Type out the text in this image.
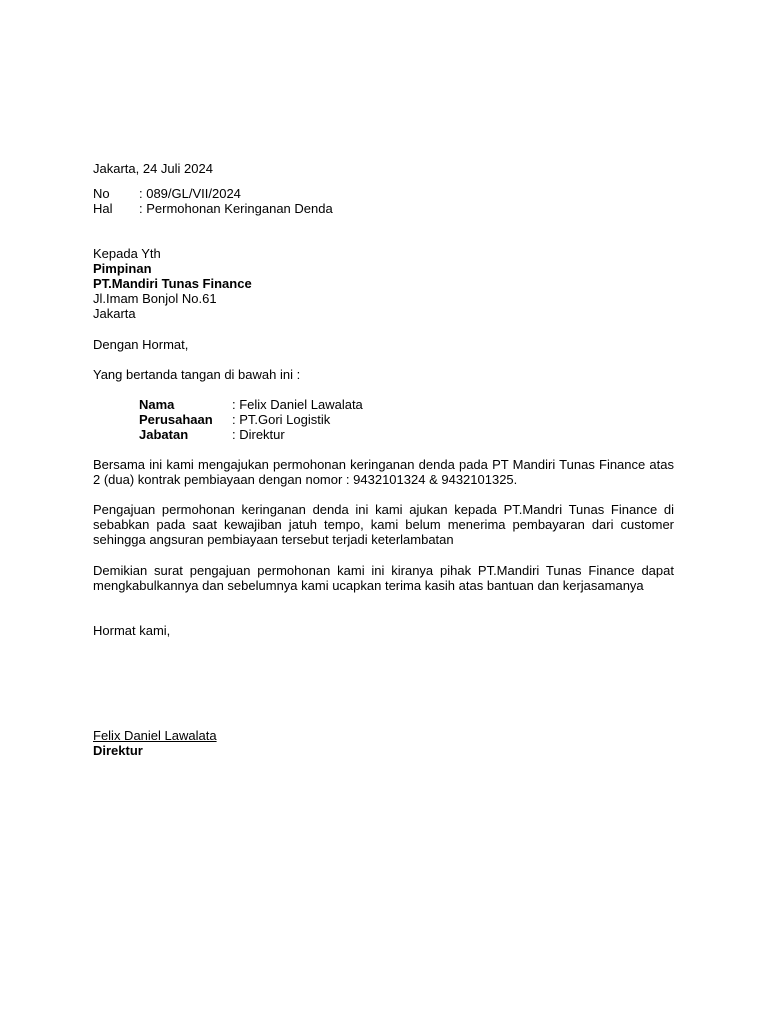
Jakarta, 24 Juli 2024
No : 089/GL/VII/2024
Hal : Permohonan Keringanan Denda
Kepada Yth
Pimpinan
PT.Mandiri Tunas Finance
Jl.Imam Bonjol No.61
Jakarta
Dengan Hormat,
Yang bertanda tangan di bawah ini :
Nama	: Felix Daniel Lawalata
Perusahaan : PT.Gori Logistik
Jabatan	: Direktur
Bersama ini kami mengajukan permohonan keringanan denda pada PT Mandiri Tunas Finance atas
2 (dua) kontrak pembiayaan dengan nomor : 9432101324 & 9432101325.
Pengajuan permohonan keringanan denda ini kami ajukan kepada PT.Mandri Tunas Finance di
sebabkan pada saat kewajiban jatuh tempo, kami belum menerima pembayaran dari customer
sehingga angsuran pembiayaan tersebut terjadi keterlambatan
Demikian surat pengajuan permohonan kami ini kiranya pihak PT.Mandiri Tunas Finance dapat
mengkabulkannya dan sebelumnya kami ucapkan terima kasih atas bantuan dan kerjasamanya
Hormat kami,
Felix Daniel Lawalata
Direktur
